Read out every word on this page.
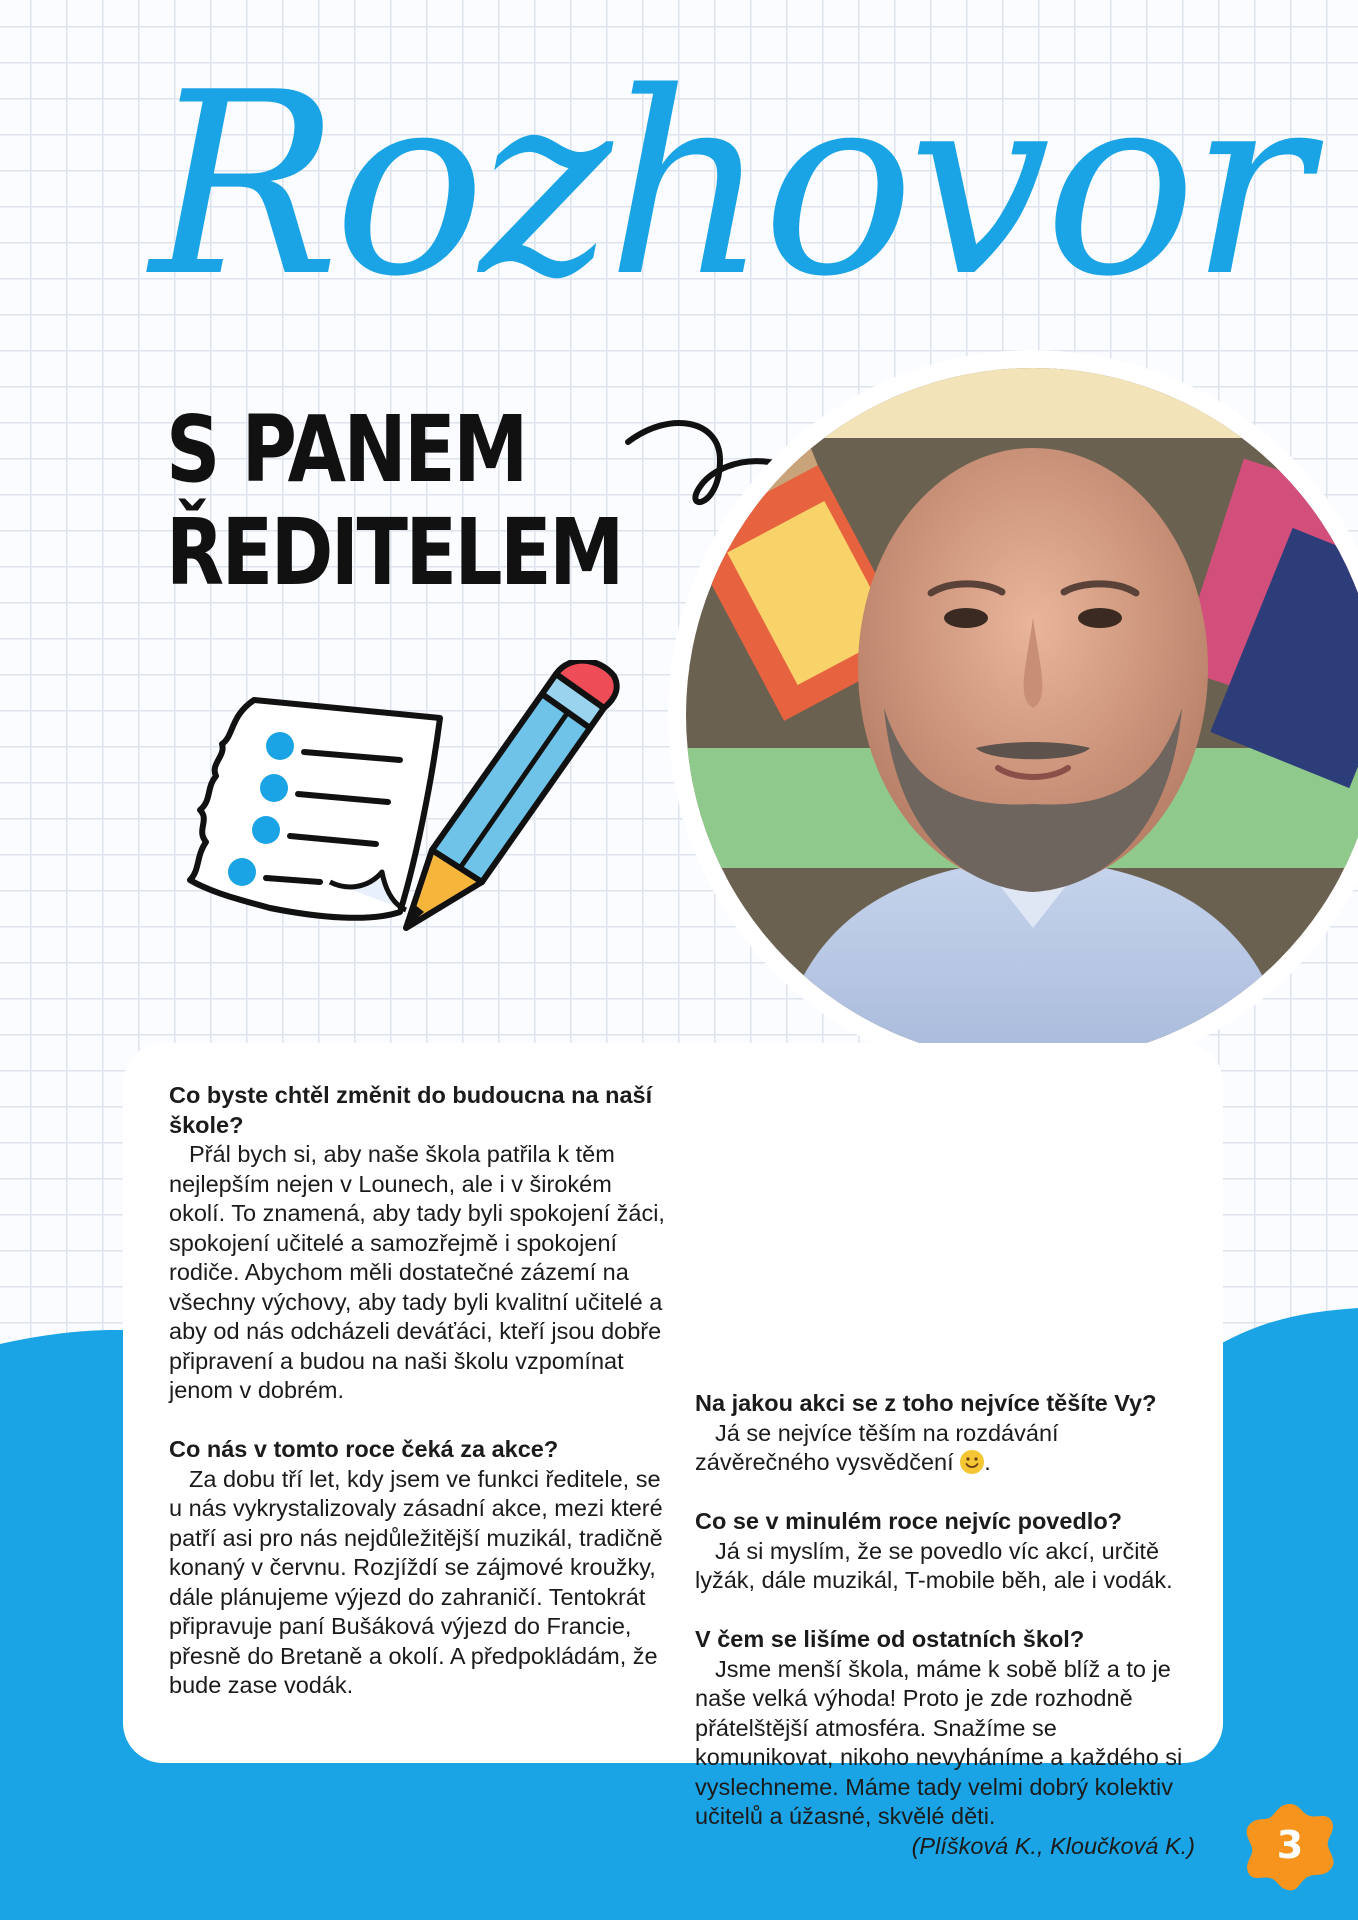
Rozhovor
S PANEM
ŘEDITELEM

Co byste chtěl změnit do budoucna na naší škole?

Přál bych si, aby naše škola patřila k těm nejlepším nejen v Lounech, ale i v širokém okolí. To znamená, aby tady byli spokojení žáci, spokojení učitelé a samozřejmě i spokojení rodiče. Abychom měli dostatečné zázemí na všechny výchovy, aby tady byli kvalitní učitelé a aby od nás odcházeli deváťáci, kteří jsou dobře připravení a budou na naši školu vzpomínat jenom v dobrém.

Co nás v tomto roce čeká za akce?

Za dobu tří let, kdy jsem ve funkci ředitele, se u nás vykrystalizovaly zásadní akce, mezi které patří asi pro nás nejdůležitější muzikál, tradičně konaný v červnu. Rozjíždí se zájmové kroužky, dále plánujeme výjezd do zahraničí. Tentokrát připravuje paní Bušáková výjezd do Francie, přesně do Bretaně a okolí. A předpokládám, že bude zase vodák.

Na jakou akci se z toho nejvíce těšíte Vy?

Já se nejvíce těším na rozdávání závěrečného vysvědčení .

Co se v minulém roce nejvíc povedlo?

Já si myslím, že se povedlo víc akcí, určitě lyžák, dále muzikál, T-mobile běh, ale i vodák.

V čem se lišíme od ostatních škol?

Jsme menší škola, máme k sobě blíž a to je naše velká výhoda! Proto je zde rozhodně přátelštější atmosféra. Snažíme se komunikovat, nikoho nevyháníme a každého si vyslechneme. Máme tady velmi dobrý kolektiv učitelů a úžasné, skvělé děti.

(Plíšková K., Kloučková K.)	3
